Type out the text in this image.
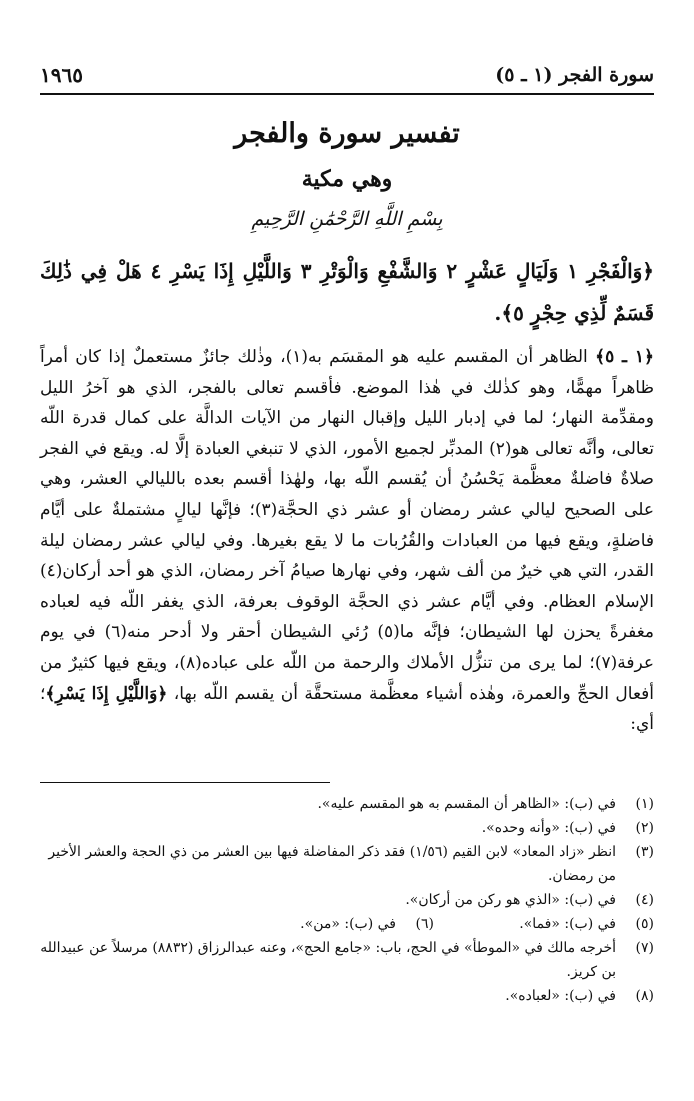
سورة الفجر (١ ـ ٥)
١٩٦٥
تفسير سورة والفجر
وهي مكية
بِسْمِ اللَّهِ الرَّحْمَٰنِ الرَّحِيمِ
﴿وَالْفَجْرِ ١ وَلَيَالٍ عَشْرٍ ٢ وَالشَّفْعِ وَالْوَتْرِ ٣ وَاللَّيْلِ إِذَا يَسْرِ ٤ هَلْ فِي ذَٰلِكَ قَسَمٌ لِّذِي حِجْرٍ ٥﴾.
﴿١ ـ ٥﴾ الظاهر أن المقسم عليه هو المقسَم به(١)، وذٰلك جائزٌ مستعملٌ إذا كان أمراً ظاهراً مهمًّا، وهو كذٰلك في هٰذا الموضع. فأقسم تعالى بالفجر، الذي هو آخرُ الليل ومقدِّمة النهار؛ لما في إدبار الليل وإقبال النهار من الآيات الدالَّة على كمال قدرة اللّه تعالى، وأنَّه تعالى هو(٢) المدبِّر لجميع الأمور، الذي لا تنبغي العبادة إلَّا له. ويقع في الفجر صلاةٌ فاضلةٌ معظَّمة يَحْسُنُ أن يُقسم اللّه بها، ولهٰذا أقسم بعده بالليالي العشر، وهي على الصحيح ليالي عشر رمضان أو عشر ذي الحجَّة(٣)؛ فإنَّها ليالٍ مشتملةٌ على أيَّام فاضلةٍ، ويقع فيها من العبادات والقُرُبات ما لا يقع بغيرها. وفي ليالي عشر رمضان ليلة القدر، التي هي خيرٌ من ألف شهر، وفي نهارها صيامُ آخر رمضان، الذي هو أحد أركان(٤) الإسلام العظام. وفي أيَّام عشر ذي الحجَّة الوقوف بعرفة، الذي يغفر اللّه فيه لعباده مغفرةً يحزن لها الشيطان؛ فإنَّه ما(٥) رُئي الشيطان أحقر ولا أدحر منه(٦) في يوم عرفة(٧)؛ لما يرى من تنزُّل الأملاك والرحمة من اللّه على عباده(٨)، ويقع فيها كثيرٌ من أفعال الحجِّ والعمرة، وهٰذه أشياء معظَّمة مستحقَّة أن يقسم اللّه بها، ﴿وَاللَّيْلِ إِذَا يَسْرِ﴾؛ أي:
(١)
في (ب): «الظاهر أن المقسم به هو المقسم عليه».
(٢)
في (ب): «وأنه وحده».
(٣)
انظر «زاد المعاد» لابن القيم (١/٥٦) فقد ذكر المفاضلة فيها بين العشر من ذي الحجة والعشر الأخير من رمضان.
(٤)
في (ب): «الذي هو ركن من أركان».
(٥)
في (ب): «فما».
(٦)
في (ب): «من».
(٧)
أخرجه مالك في «الموطأ» في الحج، باب: «جامع الحج»، وعنه عبدالرزاق (٨٨٣٢) مرسلاً عن عبيدالله بن كريز.
(٨)
في (ب): «لعباده».
